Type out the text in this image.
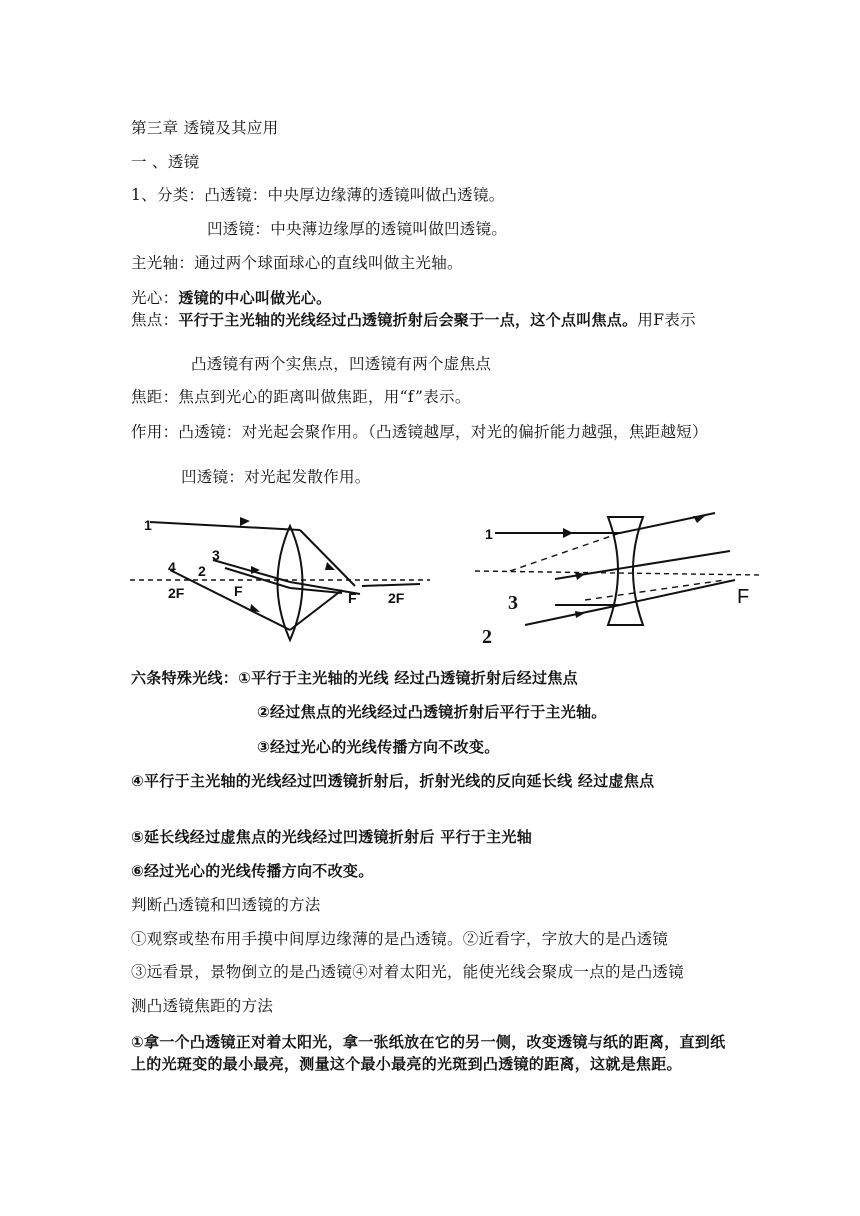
第三章 透镜及其应用
一 、透镜
1、分类：凸透镜：中央厚边缘薄的透镜叫做凸透镜。
凹透镜：中央薄边缘厚的透镜叫做凹透镜。
主光轴：通过两个球面球心的直线叫做主光轴。
光心：透镜的中心叫做光心。
焦点：平行于主光轴的光线经过凸透镜折射后会聚于一点，这个点叫焦点。用F表示
凸透镜有两个实焦点，凹透镜有两个虚焦点
焦距：焦点到光心的距离叫做焦距，用“f”表示。
作用：凸透镜：对光起会聚作用。（凸透镜越厚，对光的偏折能力越强，焦距越短）
凹透镜：对光起发散作用。
1
3
4 2
2F	F	F 2F
1
F
3
2
六条特殊光线：①平行于主光轴的光线 经过凸透镜折射后经过焦点
②经过焦点的光线经过凸透镜折射后平行于主光轴。
③经过光心的光线传播方向不改变。
④平行于主光轴的光线经过凹透镜折射后，折射光线的反向延长线 经过虚焦点
⑤延长线经过虚焦点的光线经过凹透镜折射后 平行于主光轴
⑥经过光心的光线传播方向不改变。
判断凸透镜和凹透镜的方法
①观察或垫布用手摸中间厚边缘薄的是凸透镜。②近看字，字放大的是凸透镜
③远看景，景物倒立的是凸透镜④对着太阳光，能使光线会聚成一点的是凸透镜
测凸透镜焦距的方法
①拿一个凸透镜正对着太阳光，拿一张纸放在它的另一侧，改变透镜与纸的距离，直到纸上的光斑变的最小最亮，测量这个最小最亮的光斑到凸透镜的距离，这就是焦距。
